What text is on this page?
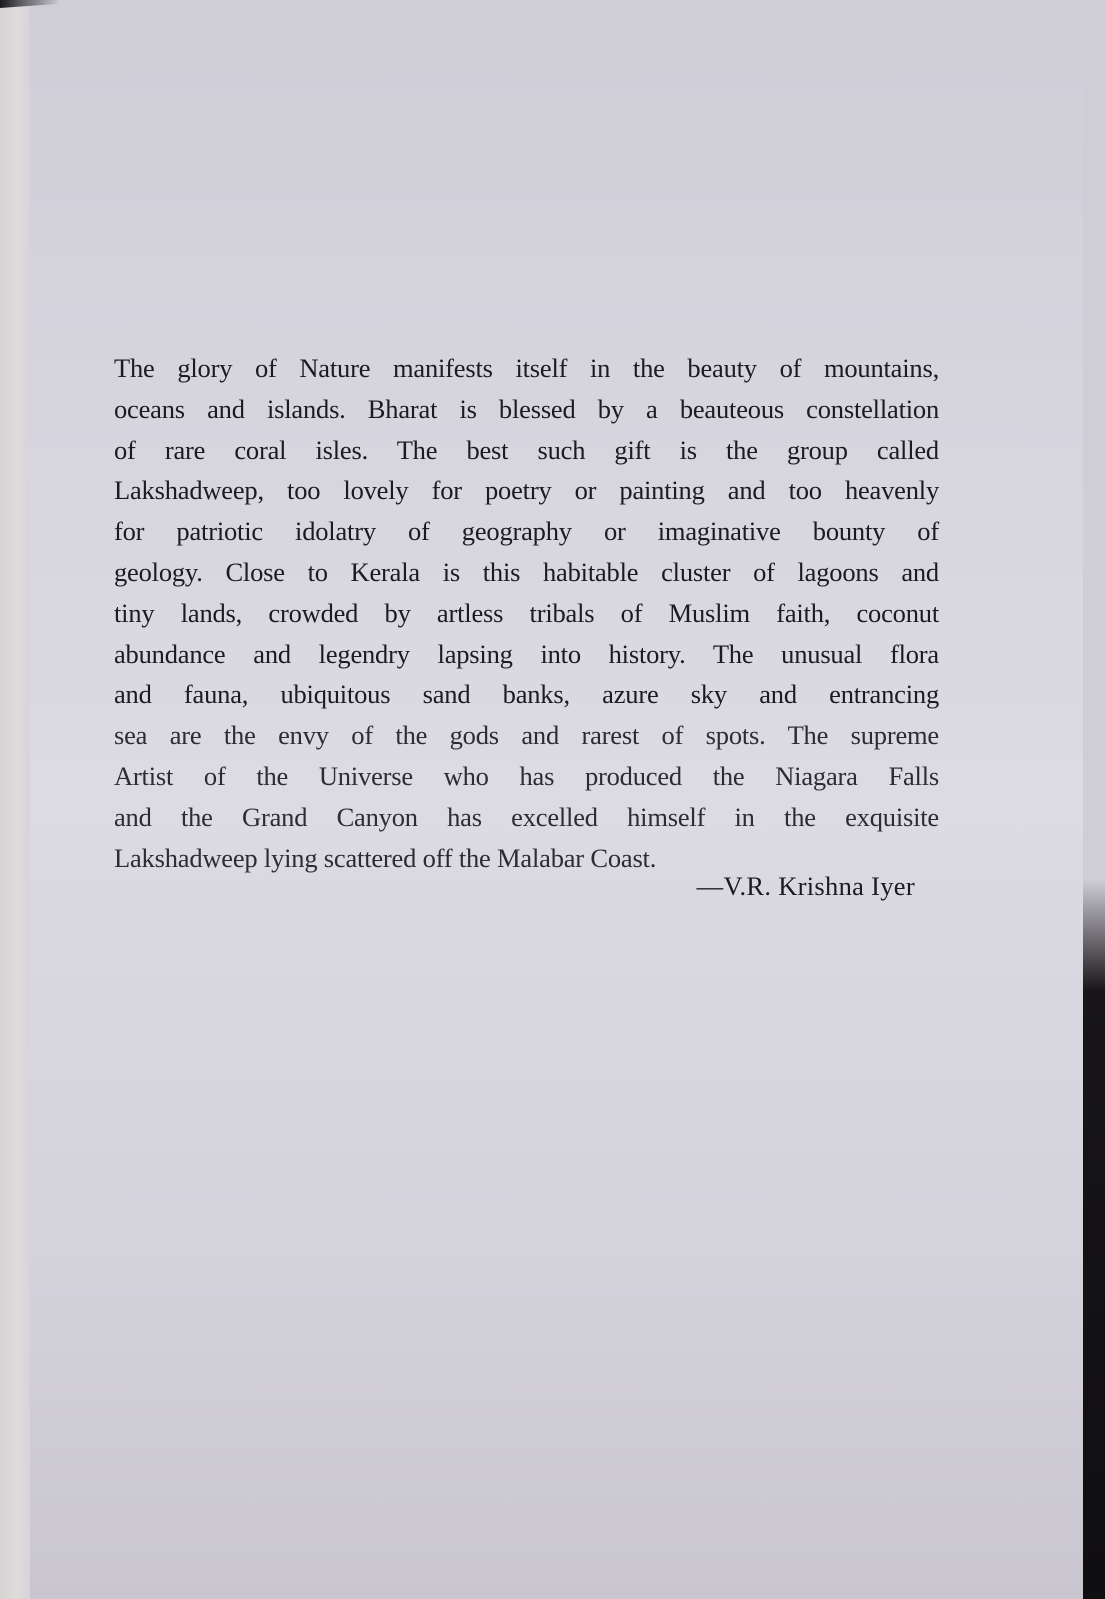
The glory of Nature manifests itself in the beauty of mountains,
oceans and islands. Bharat is blessed by a beauteous constellation
of rare coral isles. The best such gift is the group called
Lakshadweep, too lovely for poetry or painting and too heavenly
for patriotic idolatry of geography or imaginative bounty of
geology. Close to Kerala is this habitable cluster of lagoons and
tiny lands, crowded by artless tribals of Muslim faith, coconut
abundance and legendry lapsing into history. The unusual flora
and fauna, ubiquitous sand banks, azure sky and entrancing
sea are the envy of the gods and rarest of spots. The supreme
Artist of the Universe who has produced the Niagara Falls
and the Grand Canyon has excelled himself in the exquisite
Lakshadweep lying scattered off the Malabar Coast.
—V.R. Krishna Iyer
